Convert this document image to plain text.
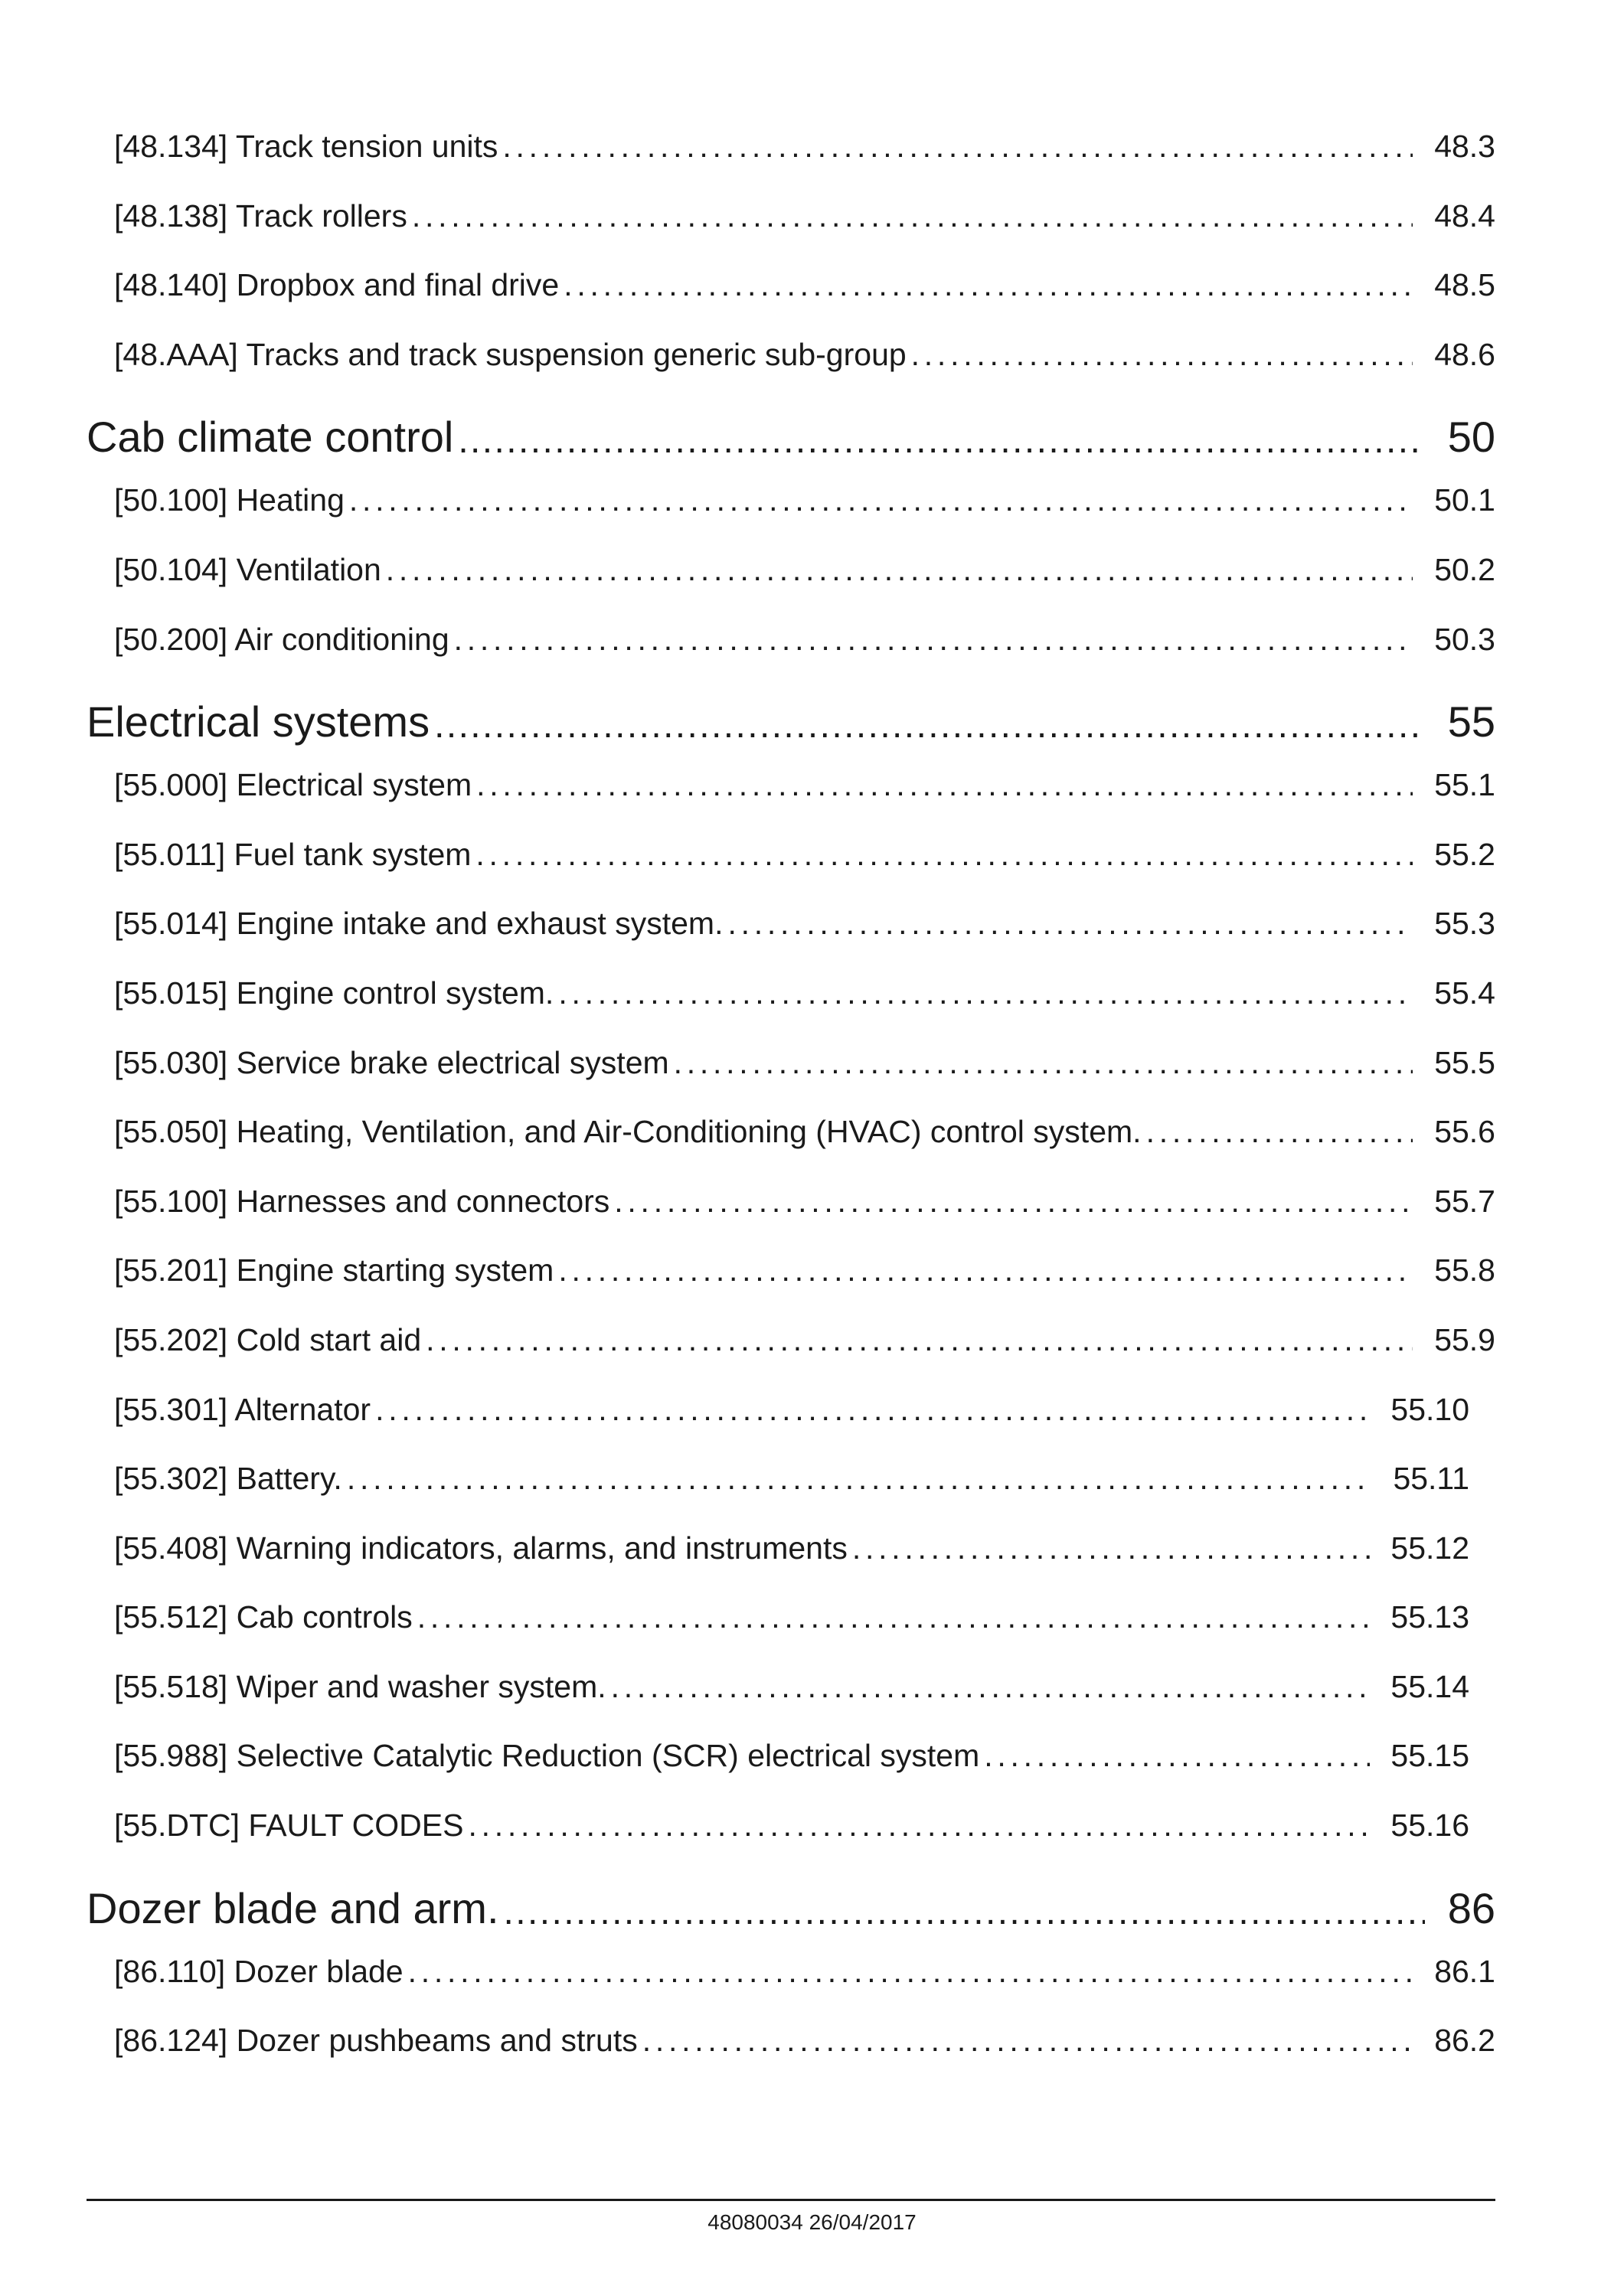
[48.134] Track tension units .....	48.3
[48.138] Track rollers .....	48.4
[48.140] Dropbox and final drive .....	48.5
[48.AAA] Tracks and track suspension generic sub-group .....	48.6
Cab climate control .....	50
[50.100] Heating .....	50.1
[50.104] Ventilation .....	50.2
[50.200] Air conditioning .....	50.3
Electrical systems .....	55
[55.000] Electrical system .....	55.1
[55.011] Fuel tank system .....	55.2
[55.014] Engine intake and exhaust system. .....	55.3
[55.015] Engine control system. .....	55.4
[55.030] Service brake electrical system .....	55.5
[55.050] Heating, Ventilation, and Air-Conditioning (HVAC) control system. .....	55.6
[55.100] Harnesses and connectors .....	55.7
[55.201] Engine starting system .....	55.8
[55.202] Cold start aid .....	55.9
[55.301] Alternator .....	55.10
[55.302] Battery. .....	55.11
[55.408] Warning indicators, alarms, and instruments .....	55.12
[55.512] Cab controls .....	55.13
[55.518] Wiper and washer system. .....	55.14
[55.988] Selective Catalytic Reduction (SCR) electrical system .....	55.15
[55.DTC] FAULT CODES .....	55.16
Dozer blade and arm. .....	86
[86.110] Dozer blade .....	86.1
[86.124] Dozer pushbeams and struts .....	86.2
48080034 26/04/2017
